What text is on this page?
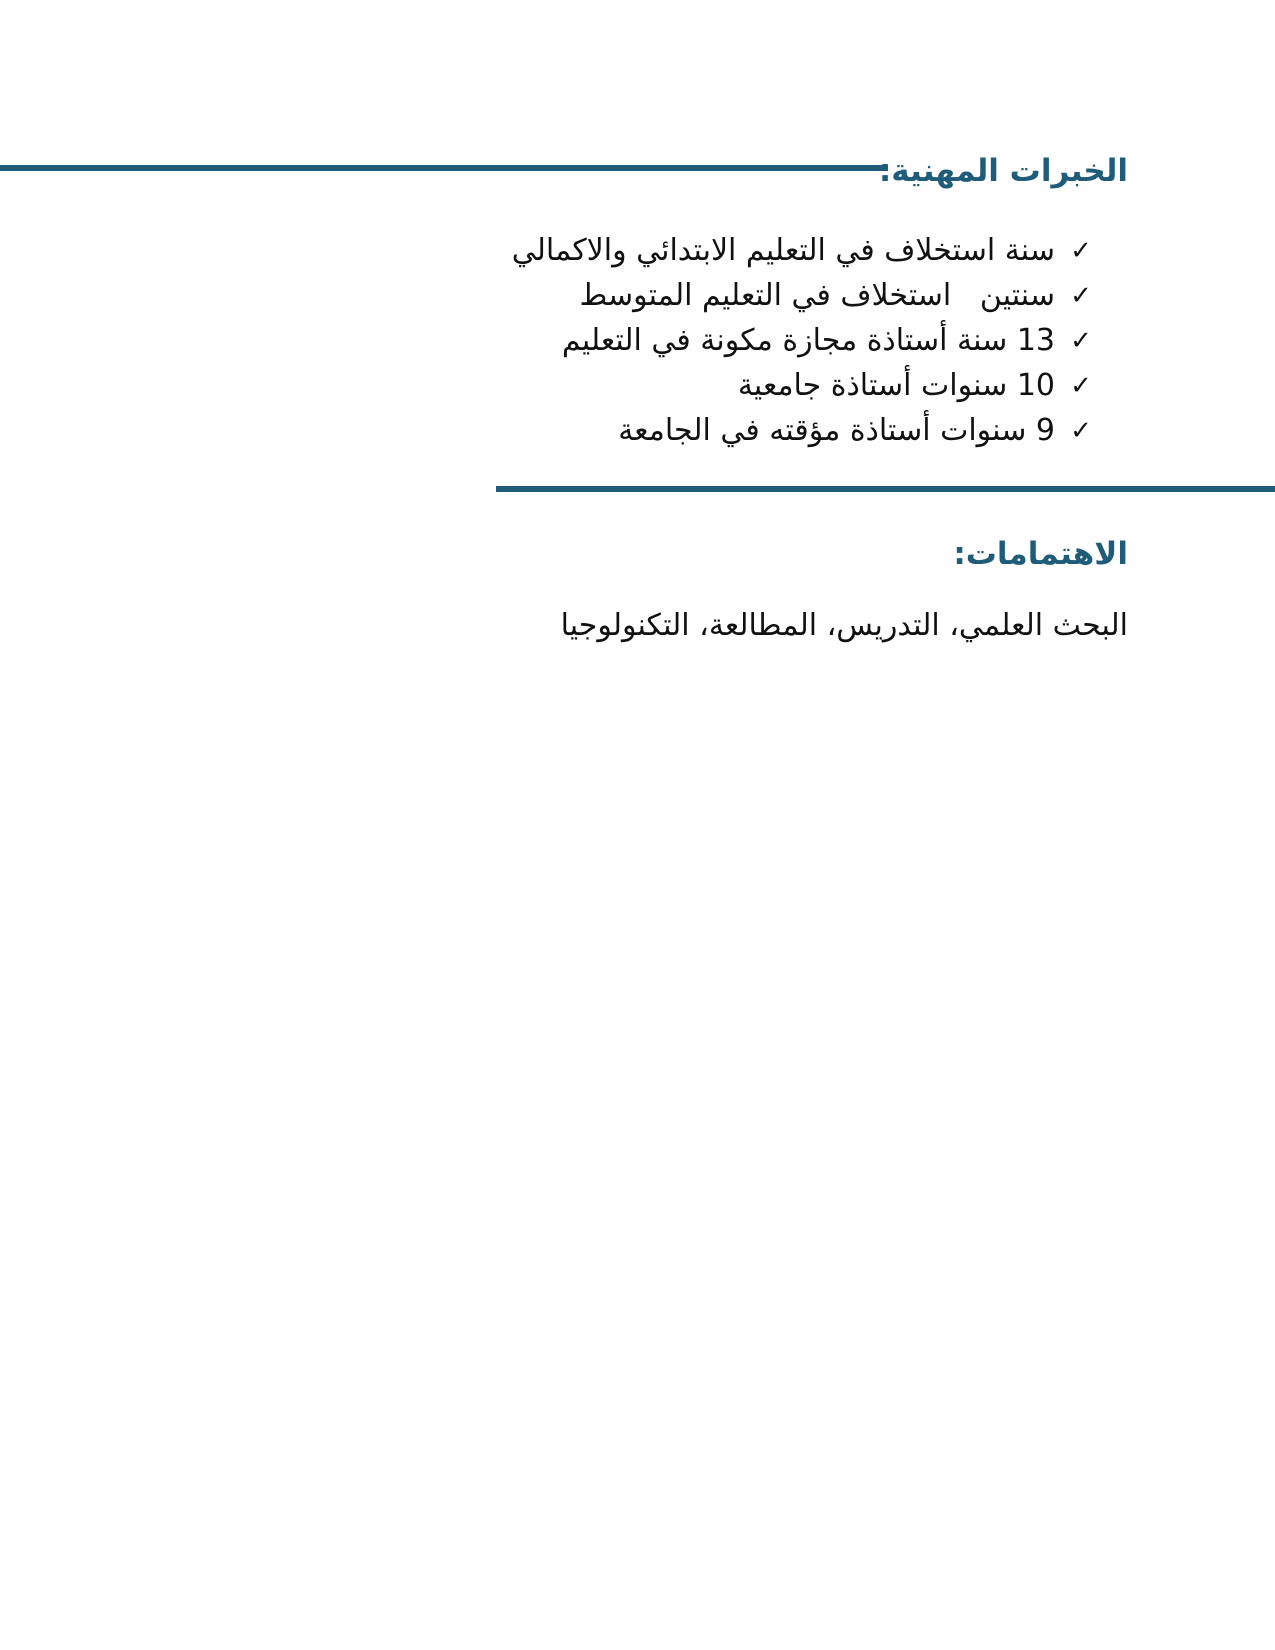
الخبرات المهنية:
✓
سنة استخلاف في التعليم الابتدائي والاكمالي
✓
سنتين   استخلاف في التعليم المتوسط
✓
13 سنة أستاذة مجازة مكونة في التعليم
✓
10 سنوات أستاذة جامعية
✓
9 سنوات أستاذة مؤقته في الجامعة
الاهتمامات:

البحث العلمي، التدريس، المطالعة، التكنولوجيا
